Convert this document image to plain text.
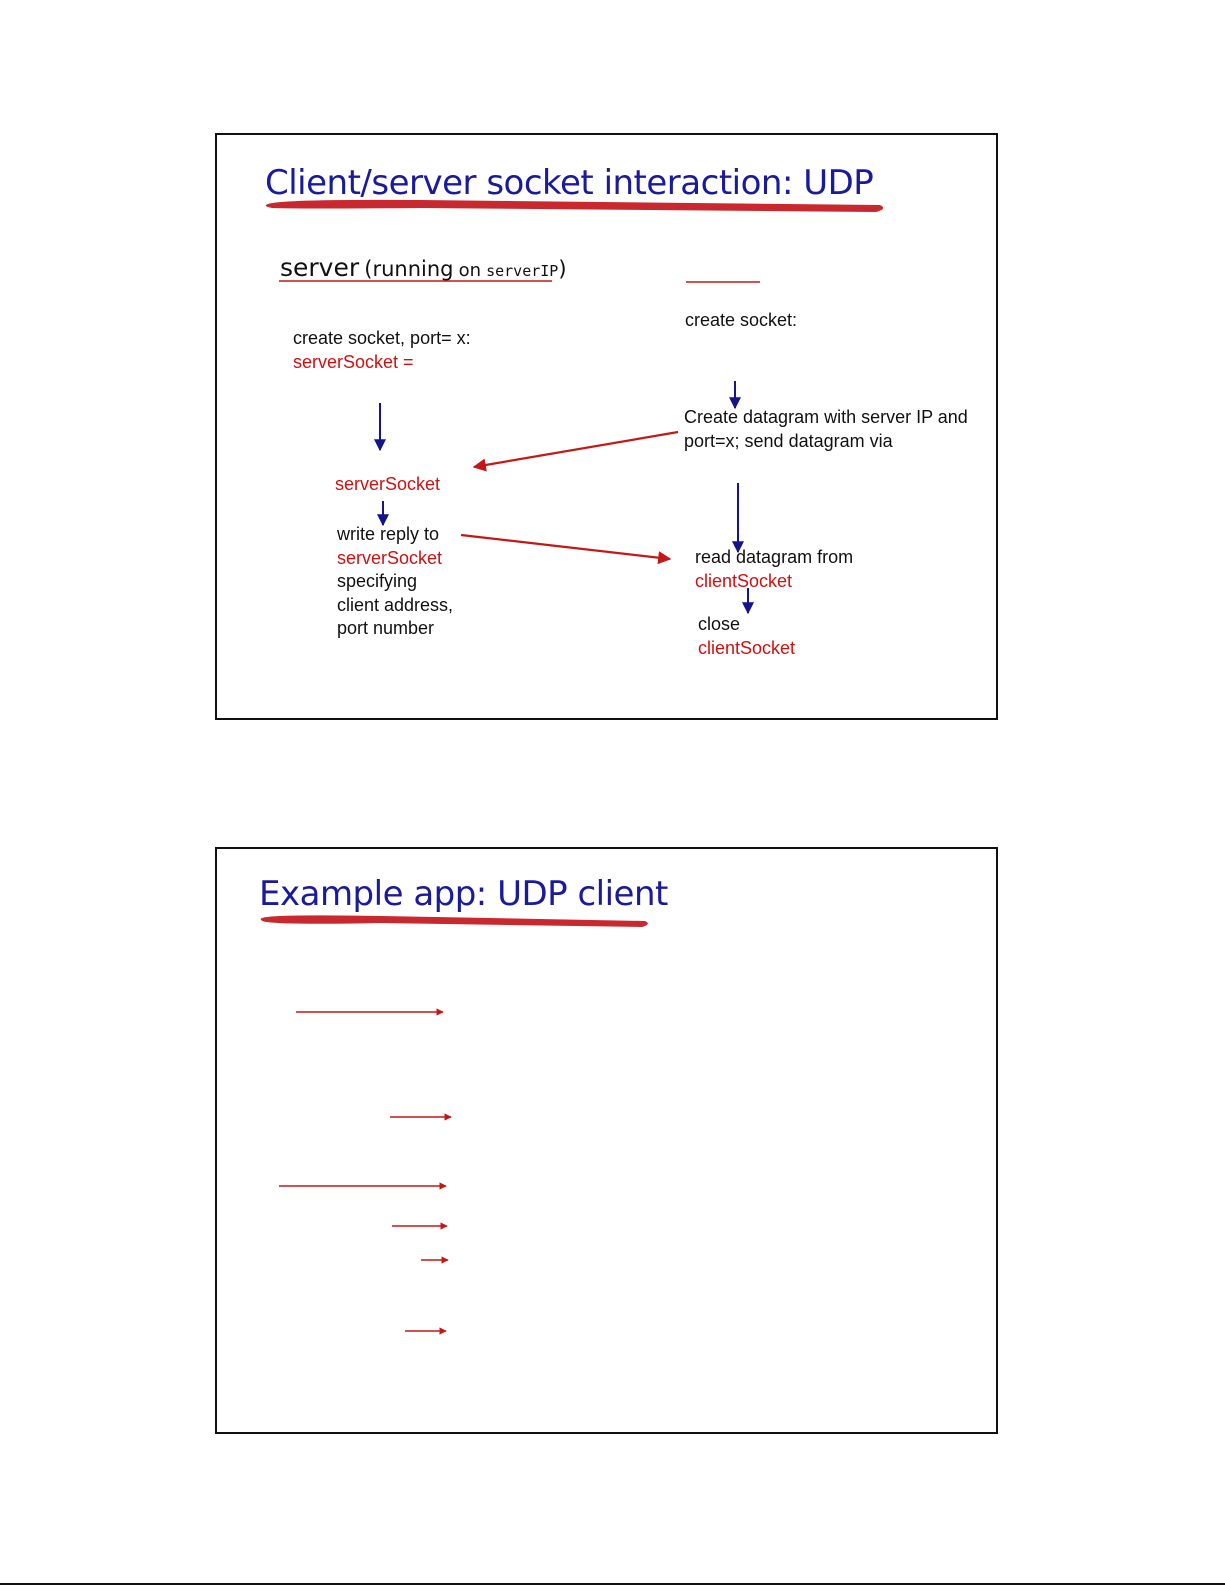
Client/server socket interaction: UDP
server (running on serverIP)
create socket, port= x:
serverSocket =
serverSocket
write reply to
serverSocket
specifying
client address,
port number
create socket:
Create datagram with server IP and
port=x; send datagram via
read datagram from
clientSocket
close
clientSocket
Example app: UDP client
